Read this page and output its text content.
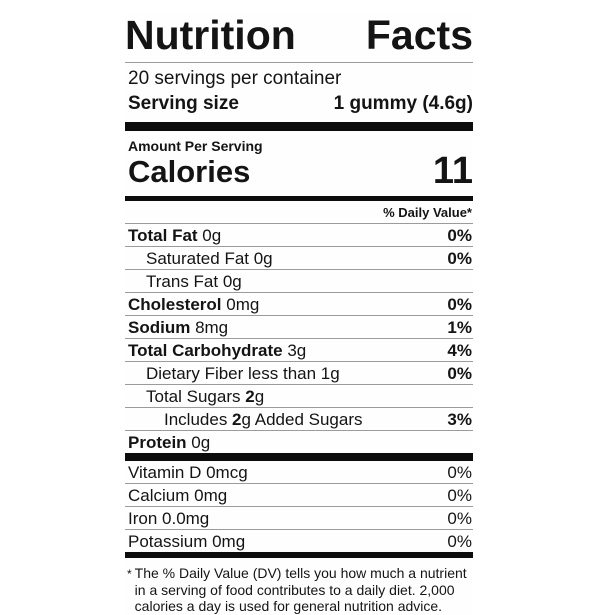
Nutrition Facts
20 servings per container
Serving size	1 gummy (4.6g)
Amount Per Serving
Calories	11
% Daily Value*
Total Fat 0g	0%
Saturated Fat 0g	0%
Trans Fat 0g
Cholesterol 0mg	0%
Sodium 8mg	1%
Total Carbohydrate 3g	4%
Dietary Fiber less than 1g	0%
Total Sugars 2g
Includes 2g Added Sugars	3%
Protein 0g
Vitamin D 0mcg	0%
Calcium 0mg	0%
Iron 0.0mg	0%
Potassium 0mg	0%
* The % Daily Value (DV) tells you how much a nutrient in a serving of food contributes to a daily diet. 2,000 calories a day is used for general nutrition advice.
